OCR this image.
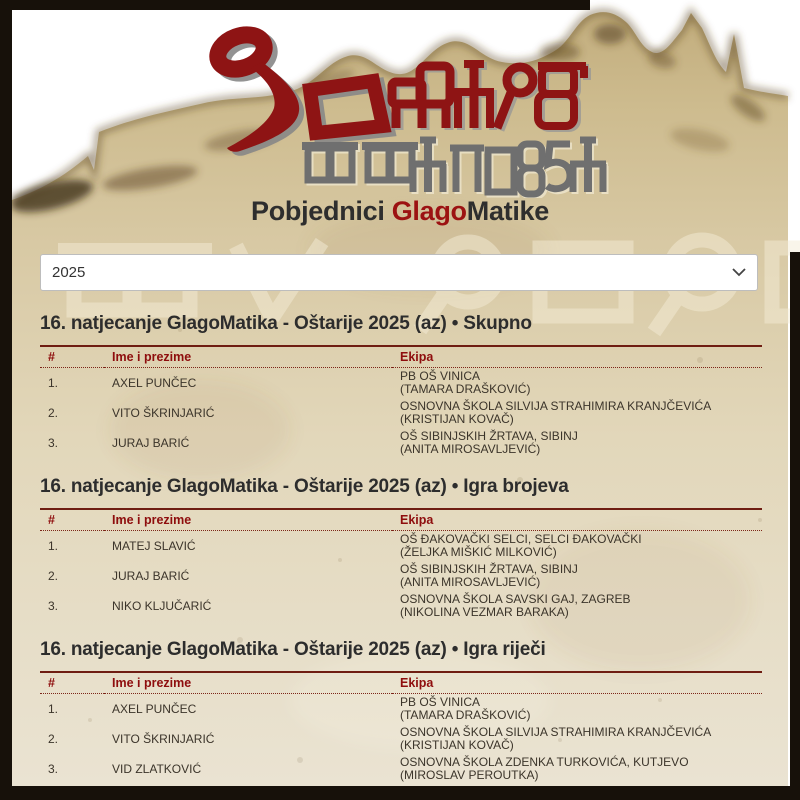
Pobjednici GlagoMatike
2025
16. natjecanje GlagoMatika - Oštarije 2025 (az) • Skupno
#	Ime i prezime	Ekipa
1.	AXEL PUNČEC	PB OŠ VINICA
(TAMARA DRAŠKOVIĆ)

2.	VITO ŠKRINJARIĆ	OSNOVNA ŠKOLA SILVIJA STRAHIMIRA KRANJČEVIĆA
(KRISTIJAN KOVAČ)

3.	JURAJ BARIĆ	OŠ SIBINJSKIH ŽRTAVA, SIBINJ
(ANITA MIROSAVLJEVIĆ)
16. natjecanje GlagoMatika - Oštarije 2025 (az) • Igra brojeva
#	Ime i prezime	Ekipa
1.	MATEJ SLAVIĆ	OŠ ĐAKOVAČKI SELCI, SELCI ĐAKOVAČKI
(ŽELJKA MIŠKIĆ MILKOVIĆ)

2.	JURAJ BARIĆ	OŠ SIBINJSKIH ŽRTAVA, SIBINJ
(ANITA MIROSAVLJEVIĆ)

3.	NIKO KLJUČARIĆ	OSNOVNA ŠKOLA SAVSKI GAJ, ZAGREB
(NIKOLINA VEZMAR BARAKA)
16. natjecanje GlagoMatika - Oštarije 2025 (az) • Igra riječi
#	Ime i prezime	Ekipa
1.	AXEL PUNČEC	PB OŠ VINICA
(TAMARA DRAŠKOVIĆ)

2.	VITO ŠKRINJARIĆ	OSNOVNA ŠKOLA SILVIJA STRAHIMIRA KRANJČEVIĆA
(KRISTIJAN KOVAČ)

3.	VID ZLATKOVIĆ	OSNOVNA ŠKOLA ZDENKA TURKOVIĆA, KUTJEVO
(MIROSLAV PEROUTKA)
